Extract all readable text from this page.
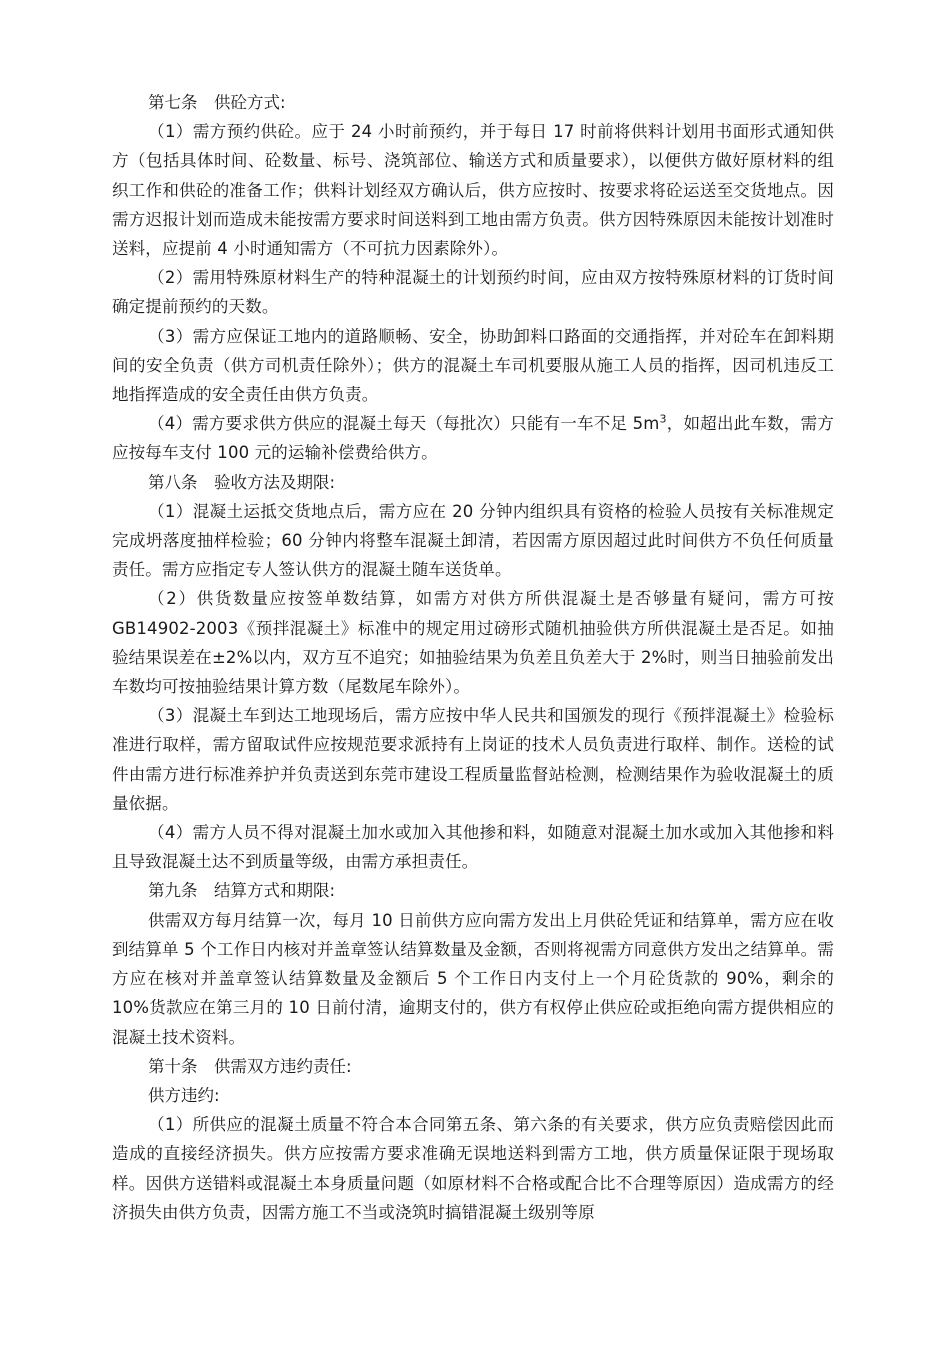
第七条　供砼方式:

（1）需方预约供砼。应于 24 小时前预约，并于每日 17 时前将供料计划用书面形式通知供方（包括具体时间、砼数量、标号、浇筑部位、输送方式和质量要求），以便供方做好原材料的组织工作和供砼的准备工作；供料计划经双方确认后，供方应按时、按要求将砼运送至交货地点。因需方迟报计划而造成未能按需方要求时间送料到工地由需方负责。供方因特殊原因未能按计划准时送料，应提前 4 小时通知需方（不可抗力因素除外）。

（2）需用特殊原材料生产的特种混凝土的计划预约时间，应由双方按特殊原材料的订货时间确定提前预约的天数。

（3）需方应保证工地内的道路顺畅、安全，协助卸料口路面的交通指挥，并对砼车在卸料期间的安全负责（供方司机责任除外）；供方的混凝土车司机要服从施工人员的指挥，因司机违反工地指挥造成的安全责任由供方负责。

（4）需方要求供方供应的混凝土每天（每批次）只能有一车不足 $5m^3$，如超出此车数，需方应按每车支付 100 元的运输补偿费给供方。

第八条　验收方法及期限:

（1）混凝土运抵交货地点后，需方应在 20 分钟内组织具有资格的检验人员按有关标准规定完成坍落度抽样检验；60 分钟内将整车混凝土卸清，若因需方原因超过此时间供方不负任何质量责任。需方应指定专人签认供方的混凝土随车送货单。

（2）供货数量应按签单数结算，如需方对供方所供混凝土是否够量有疑问，需方可按 GB14902-2003《预拌混凝土》标准中的规定用过磅形式随机抽验供方所供混凝土是否足。如抽验结果误差在±2%以内，双方互不追究；如抽验结果为负差且负差大于 2%时，则当日抽验前发出车数均可按抽验结果计算方数（尾数尾车除外）。

（3）混凝土车到达工地现场后，需方应按中华人民共和国颁发的现行《预拌混凝土》检验标准进行取样，需方留取试件应按规范要求派持有上岗证的技术人员负责进行取样、制作。送检的试件由需方进行标准养护并负责送到东莞市建设工程质量监督站检测，检测结果作为验收混凝土的质量依据。

（4）需方人员不得对混凝土加水或加入其他掺和料，如随意对混凝土加水或加入其他掺和料且导致混凝土达不到质量等级，由需方承担责任。

第九条　结算方式和期限:

供需双方每月结算一次，每月 10 日前供方应向需方发出上月供砼凭证和结算单，需方应在收到结算单 5 个工作日内核对并盖章签认结算数量及金额，否则将视需方同意供方发出之结算单。需方应在核对并盖章签认结算数量及金额后 5 个工作日内支付上一个月砼货款的 90%，剩余的 10%货款应在第三月的 10 日前付清，逾期支付的，供方有权停止供应砼或拒绝向需方提供相应的混凝土技术资料。

第十条　供需双方违约责任:

供方违约:

（1）所供应的混凝土质量不符合本合同第五条、第六条的有关要求，供方应负责赔偿因此而造成的直接经济损失。供方应按需方要求准确无误地送料到需方工地，供方质量保证限于现场取样。因供方送错料或混凝土本身质量问题（如原材料不合格或配合比不合理等原因）造成需方的经济损失由供方负责，因需方施工不当或浇筑时搞错混凝土级别等原
